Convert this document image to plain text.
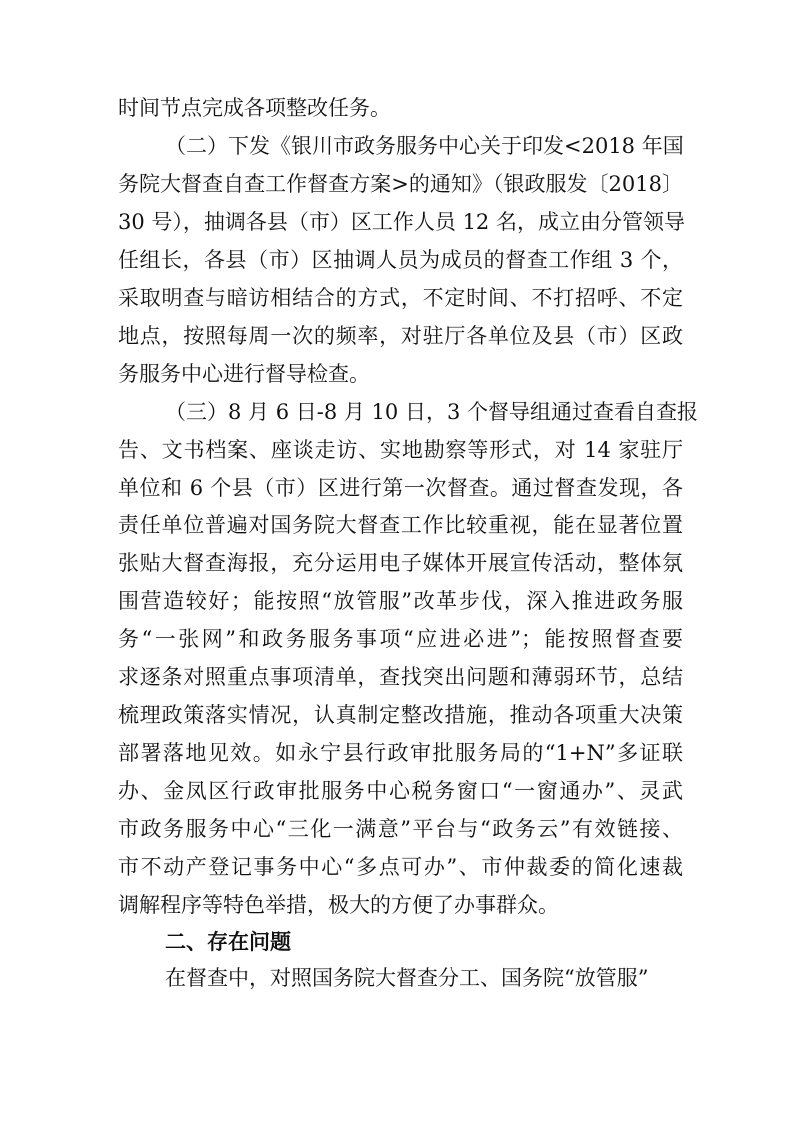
时间节点完成各项整改任务。
（二）下发《银川市政务服务中心关于印发<2018 年国
务院大督查自查工作督查方案>的通知》（银政服发〔2018〕
30 号），抽调各县（市）区工作人员 12 名，成立由分管领导
任组长，各县（市）区抽调人员为成员的督查工作组 3 个，
采取明查与暗访相结合的方式，不定时间、不打招呼、不定
地点，按照每周一次的频率，对驻厅各单位及县（市）区政
务服务中心进行督导检查。
（三）8 月 6 日-8 月 10 日，3 个督导组通过查看自查报
告、文书档案、座谈走访、实地勘察等形式，对 14 家驻厅
单位和 6 个县（市）区进行第一次督查。通过督查发现，各
责任单位普遍对国务院大督查工作比较重视，能在显著位置
张贴大督查海报，充分运用电子媒体开展宣传活动，整体氛
围营造较好；能按照“放管服”改革步伐，深入推进政务服
务“一张网”和政务服务事项“应进必进”；能按照督查要
求逐条对照重点事项清单，查找突出问题和薄弱环节，总结
梳理政策落实情况，认真制定整改措施，推动各项重大决策
部署落地见效。如永宁县行政审批服务局的“1+N”多证联
办、金凤区行政审批服务中心税务窗口“一窗通办”、灵武
市政务服务中心“三化一满意”平台与“政务云”有效链接、
市不动产登记事务中心“多点可办”、市仲裁委的简化速裁
调解程序等特色举措，极大的方便了办事群众。
二、存在问题
在督查中，对照国务院大督查分工、国务院“放管服”
